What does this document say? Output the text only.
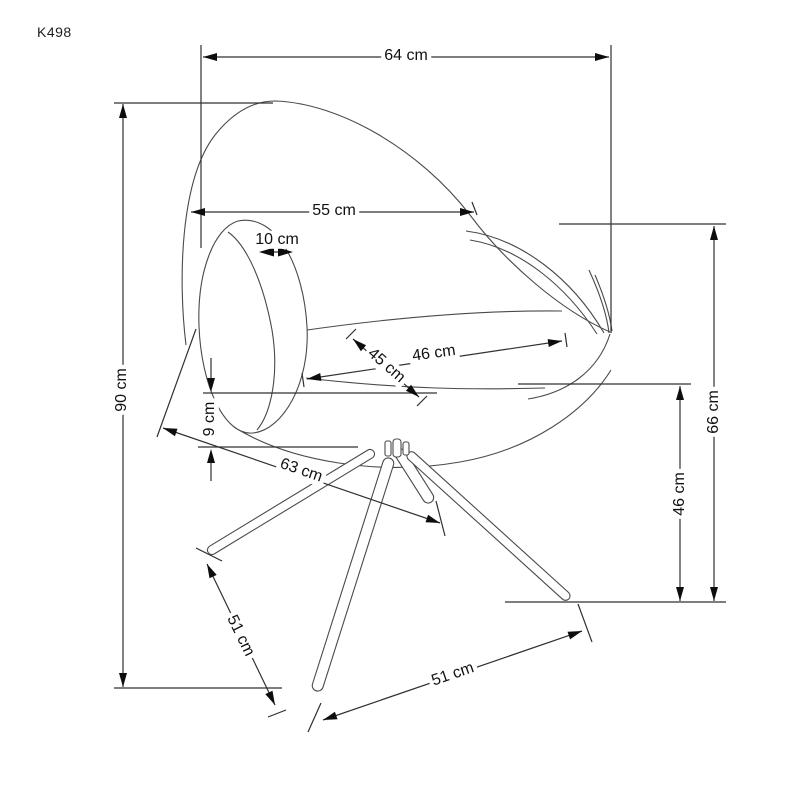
K498
64 cm
55 cm
10 cm
90 cm
45 cm 46 cm
9 cm
63 cm
66 cm
46 cm
51 cm
51 cm
